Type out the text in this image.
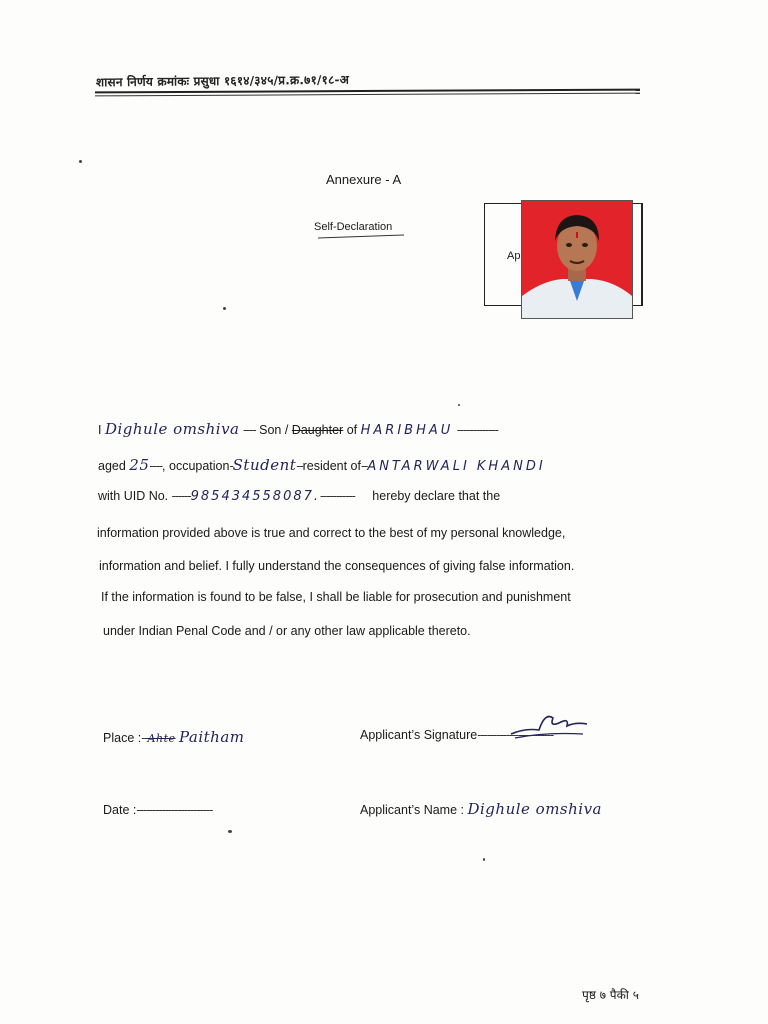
शासन निर्णय क्रमांकः प्रसुधा १६१४/३४५/प्र.क्र.७१/१८-अ
Annexure - A
Self-Declaration
Ap
I Dighule omshiva ---- Son / Daughter of HARIBHAU -------------
aged 25----, occupation-Student--resident of--ANTARWALI KHANDI
with UID No. ------985434558087.----------- hereby declare that the
information provided above is true and correct to the best of my personal knowledge,
information and belief. I fully understand the consequences of giving false information.
If the information is found to be false, I shall be liable for prosecution and punishment
under Indian Penal Code and / or any other law applicable thereto.
Place :--Ahte Paitham	Applicant’s Signature------------------------
Date :------------------------	Applicant’s Name : Dighule omshiva
पृष्ठ ७ पैकी ५
